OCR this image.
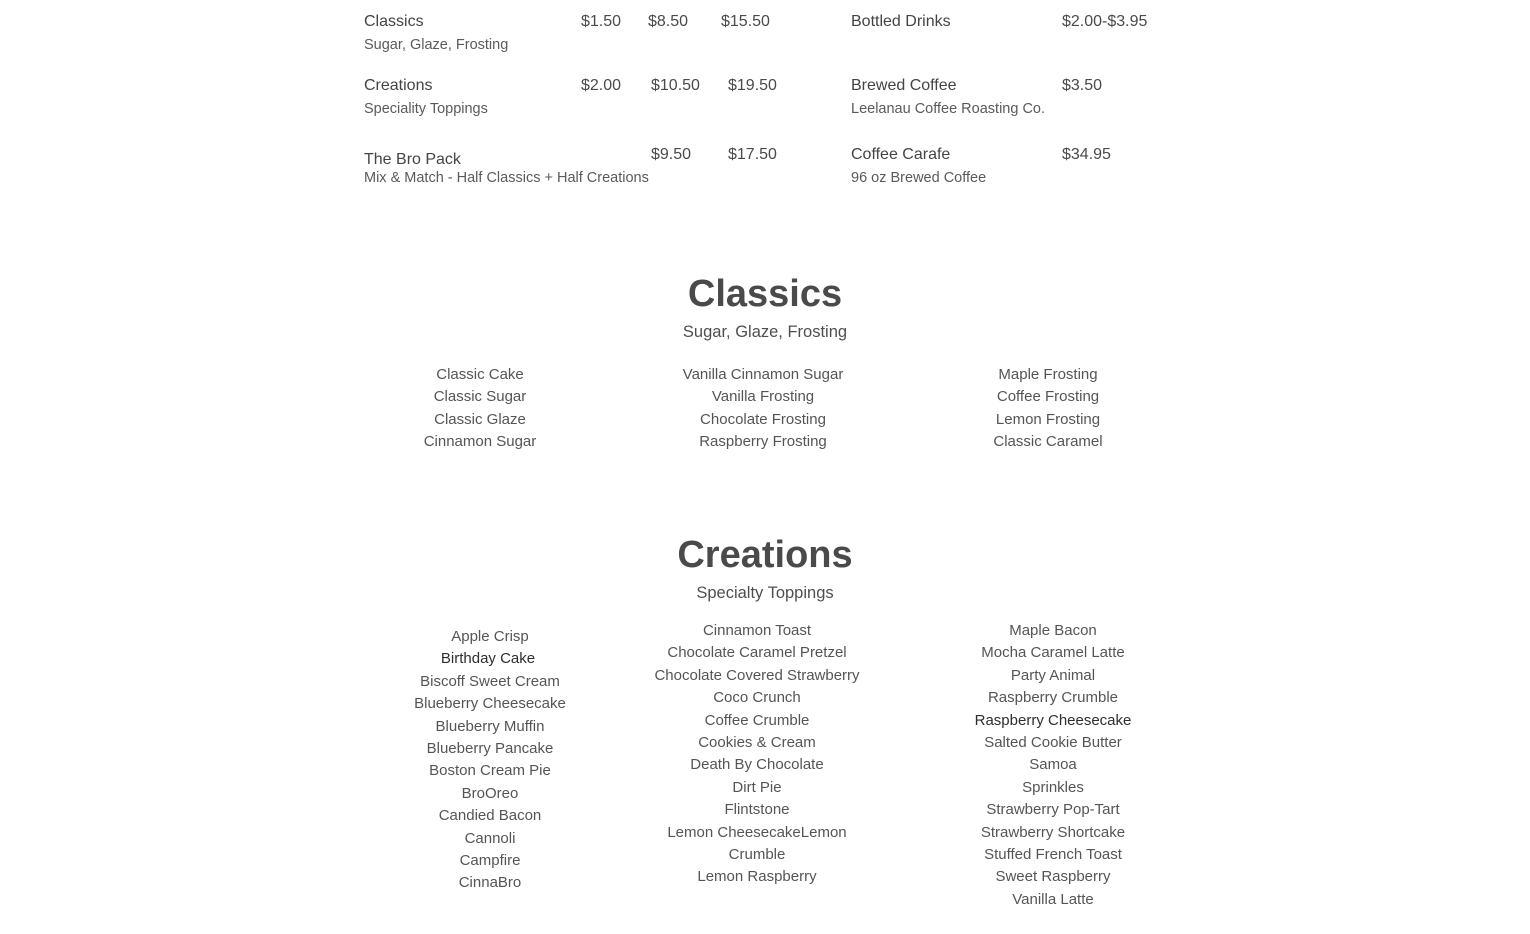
Classics
Sugar, Glaze, Frosting
$1.50 $8.50 $15.50
Creations
Speciality Toppings
$2.00 $10.50 $19.50
The Bro Pack
Mix & Match - Half Classics + Half Creations
$9.50 $17.50
Bottled Drinks	$2.00-$3.95
Brewed Coffee
Leelanau Coffee Roasting Co.
$3.50
Coffee Carafe
96 oz Brewed Coffee
$34.95
Classics
Sugar, Glaze, Frosting
Classic Cake
Classic Sugar
Classic Glaze
Cinnamon Sugar
Vanilla Cinnamon Sugar
Vanilla Frosting
Chocolate Frosting
Raspberry Frosting
Maple Frosting
Coffee Frosting
Lemon Frosting
Classic Caramel
Creations
Specialty Toppings
Apple Crisp
Birthday Cake
Biscoff Sweet Cream
Blueberry Cheesecake
Blueberry Muffin
Blueberry Pancake
Boston Cream Pie
BroOreo
Candied Bacon
Cannoli
Campfire
CinnaBro
Cinnamon Toast
Chocolate Caramel Pretzel
Chocolate Covered Strawberry
Coco Crunch
Coffee Crumble
Cookies & Cream
Death By Chocolate
Dirt Pie
Flintstone
Lemon CheesecakeLemon
Crumble
Lemon Raspberry
Maple Bacon
Mocha Caramel Latte
Party Animal
Raspberry Crumble
Raspberry Cheesecake
Salted Cookie Butter
Samoa
Sprinkles
Strawberry Pop-Tart
Strawberry Shortcake
Stuffed French Toast
Sweet Raspberry
Vanilla Latte
